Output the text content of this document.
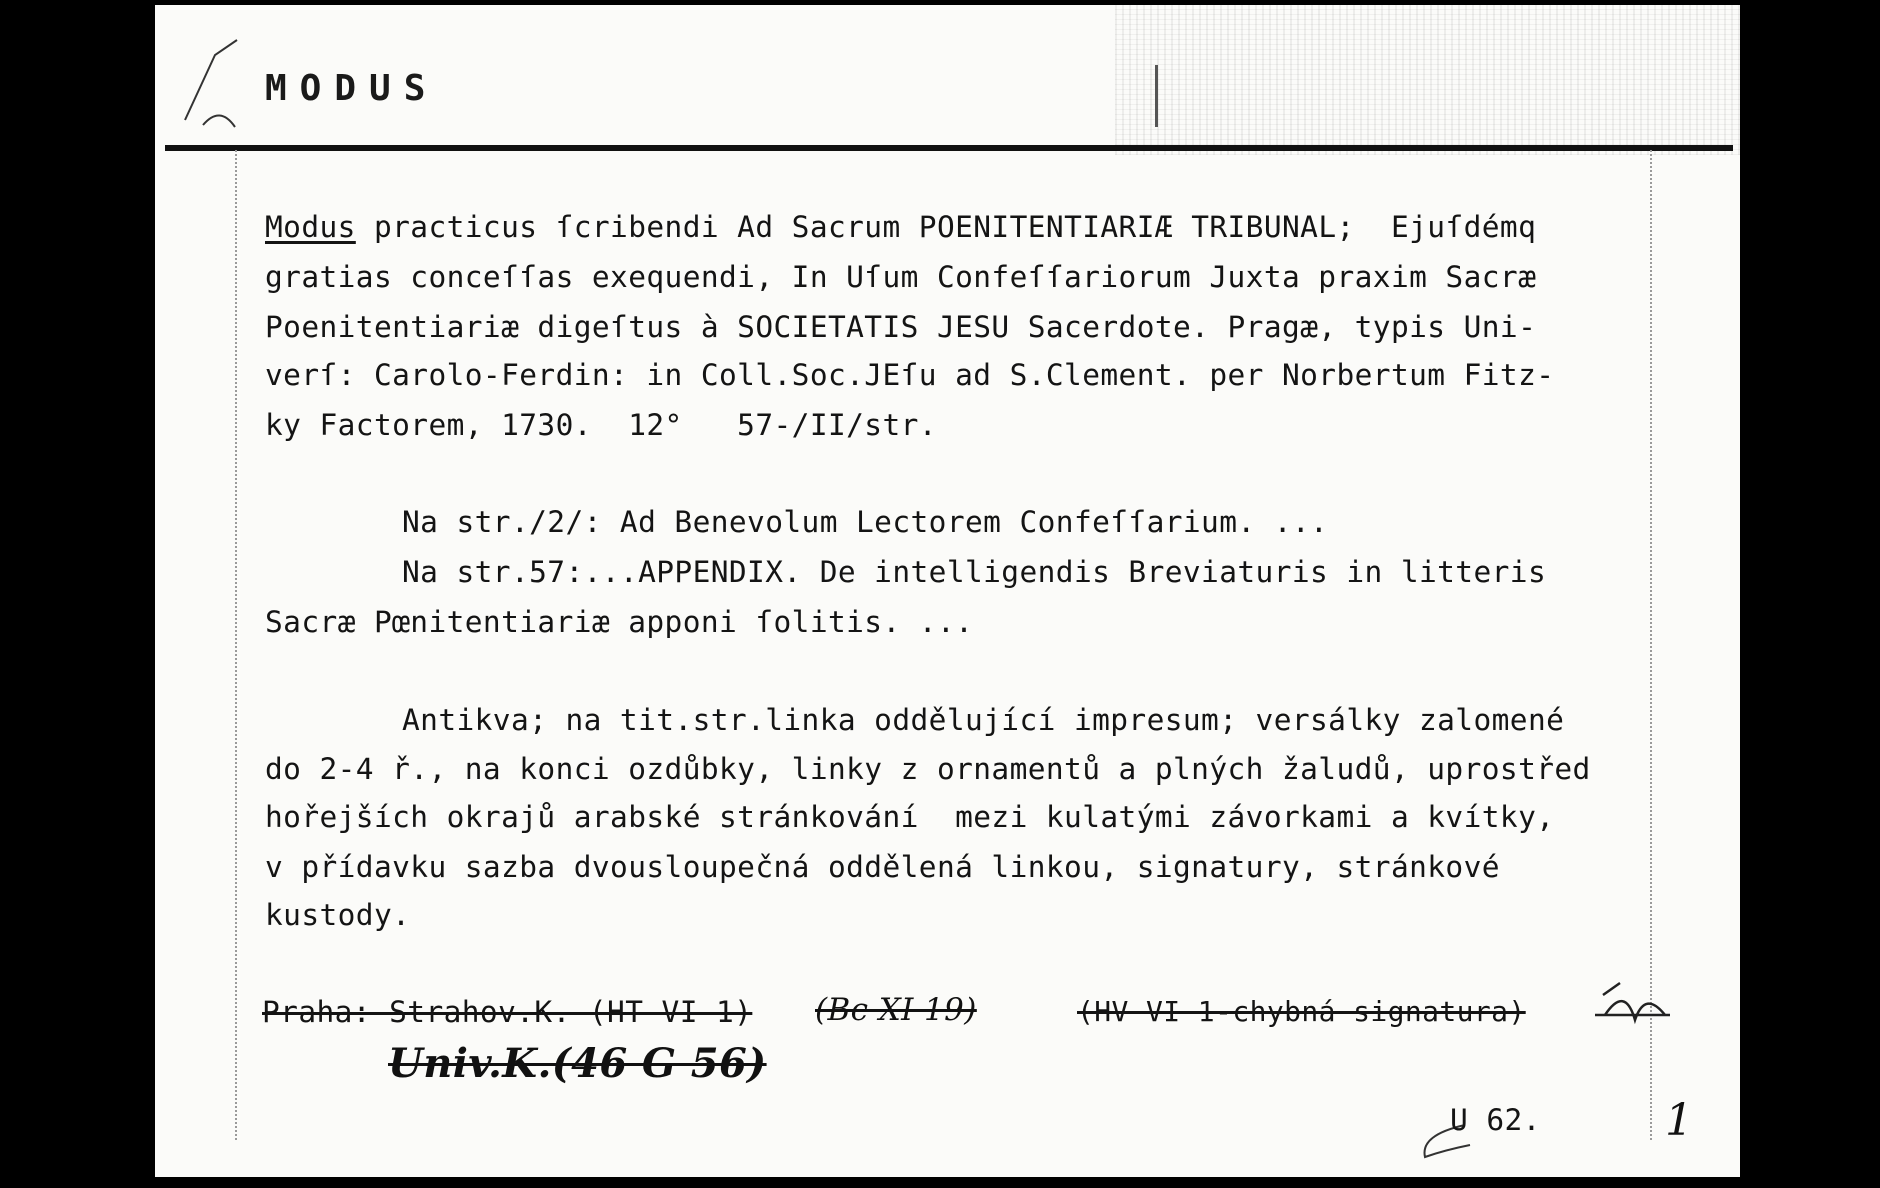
MODUS
Modus practicus ſcribendi Ad Sacrum POENITENTIARIÆ TRIBUNAL;  Ejuſdémq
gratias conceſſas exequendi, In Uſum Confeſſariorum Juxta praxim Sacræ
Poenitentiariæ digeſtus à SOCIETATIS JESU Sacerdote. Pragæ, typis Uni-
verſ: Carolo-Ferdin: in Coll.Soc.JEſu ad S.Clement. per Norbertum Fitz-
ky Factorem, 1730.  12°   57-/II/str.
Na str./2/: Ad Benevolum Lectorem Confeſſarium. ...
Na str.57:...APPENDIX. De intelligendis Breviaturis in litteris
Sacræ Pœnitentiariæ apponi ſolitis. ...
Antikva; na tit.str.linka oddělující impresum; versálky zalomené
do 2-4 ř., na konci ozdůbky, linky z ornamentů a plných žaludů, uprostřed
hořejších okrajů arabské stránkování  mezi kulatými závorkami a kvítky,
v přídavku sazba dvousloupečná oddělená linkou, signatury, stránkové
kustody.
Praha: Strahov.K. (HT VI 1) (Bc XI 19)	(HV VI 1-chybná signatura)
Univ.K.(46 G 56)
U 62.	1
